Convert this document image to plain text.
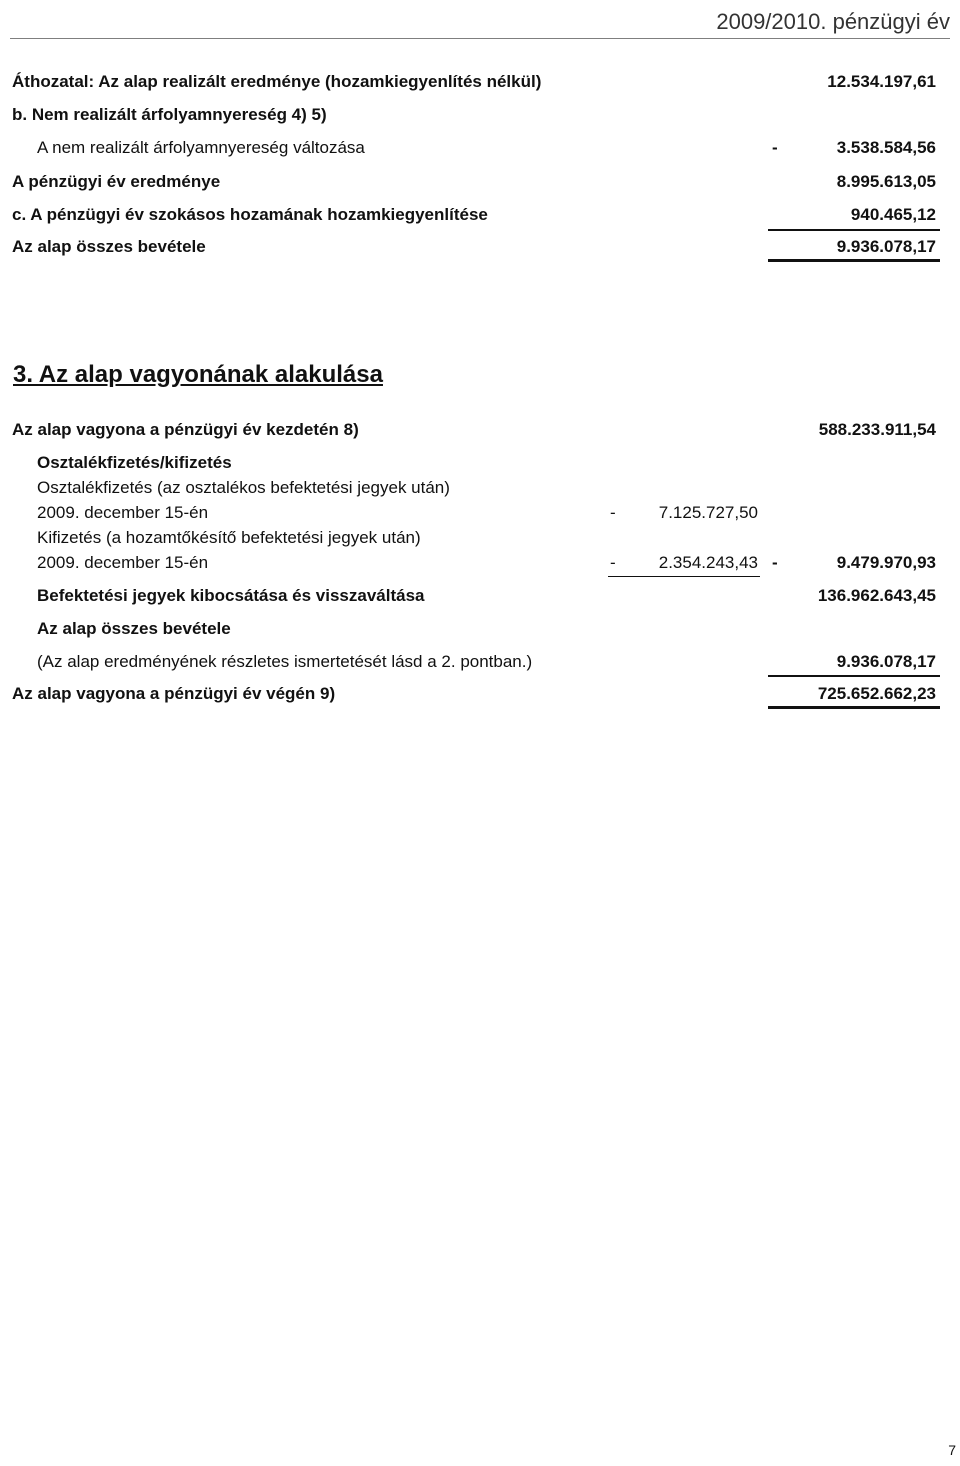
2009/2010. pénzügyi év
Áthozatal: Az alap realizált eredménye (hozamkiegyenlítés nélkül)	12.534.197,61
b. Nem realizált árfolyamnyereség 4) 5)
A nem realizált árfolyamnyereség változása	-	3.538.584,56
A pénzügyi év eredménye	8.995.613,05
c. A pénzügyi év szokásos hozamának hozamkiegyenlítése	940.465,12
Az alap összes bevétele	9.936.078,17
3. Az alap vagyonának alakulása
Az alap vagyona a pénzügyi év kezdetén 8)	588.233.911,54
Osztalékfizetés/kifizetés
Osztalékfizetés (az osztalékos befektetési jegyek után)
2009. december 15-én	-	7.125.727,50
Kifizetés (a hozamtőkésítő befektetési jegyek után)
2009. december 15-én	-	2.354.243,43 -	9.479.970,93
Befektetési jegyek kibocsátása és visszaváltása	136.962.643,45
Az alap összes bevétele
(Az alap eredményének részletes ismertetését lásd a 2. pontban.)	9.936.078,17
Az alap vagyona a pénzügyi év végén 9)	725.652.662,23
7
